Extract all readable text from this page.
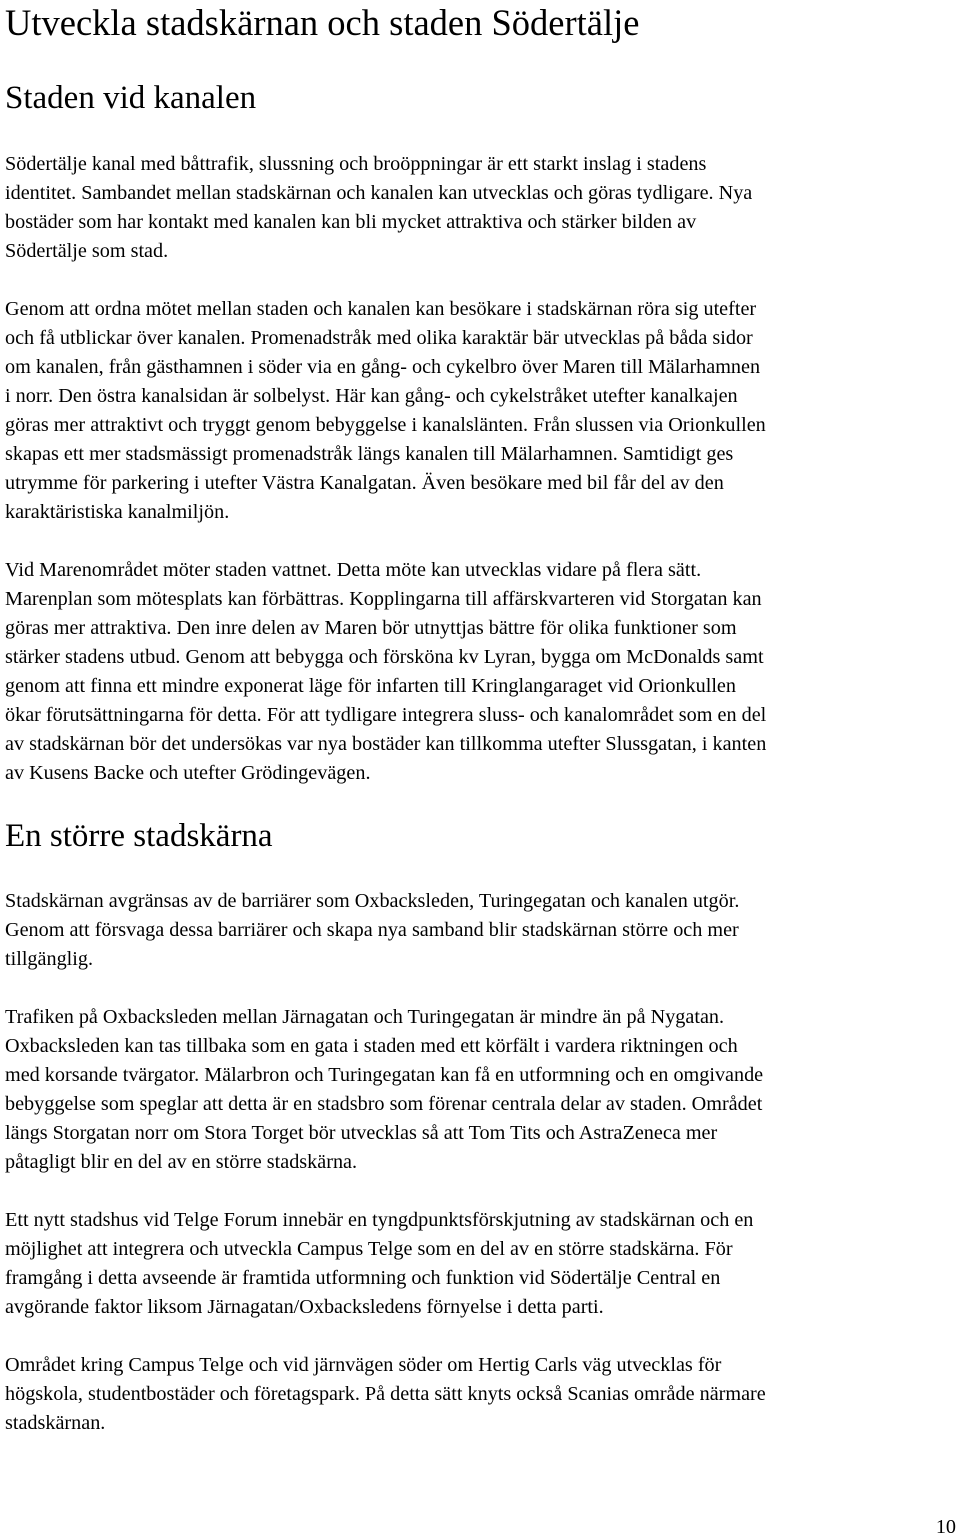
Utveckla stadskärnan och staden Södertälje
Staden vid kanalen

Södertälje kanal med båttrafik, slussning och broöppningar är ett starkt inslag i stadens
identitet. Sambandet mellan stadskärnan och kanalen kan utvecklas och göras tydligare. Nya
bostäder som har kontakt med kanalen kan bli mycket attraktiva och stärker bilden av
Södertälje som stad.

Genom att ordna mötet mellan staden och kanalen kan besökare i stadskärnan röra sig utefter
och få utblickar över kanalen. Promenadstråk med olika karaktär bär utvecklas på båda sidor
om kanalen, från gästhamnen i söder via en gång- och cykelbro över Maren till Mälarhamnen
i norr. Den östra kanalsidan är solbelyst. Här kan gång- och cykelstråket utefter kanalkajen
göras mer attraktivt och tryggt genom bebyggelse i kanalslänten. Från slussen via Orionkullen
skapas ett mer stadsmässigt promenadstråk längs kanalen till Mälarhamnen. Samtidigt ges
utrymme för parkering i utefter Västra Kanalgatan. Även besökare med bil får del av den
karaktäristiska kanalmiljön.

Vid Marenområdet möter staden vattnet. Detta möte kan utvecklas vidare på flera sätt.
Marenplan som mötesplats kan förbättras. Kopplingarna till affärskvarteren vid Storgatan kan
göras mer attraktiva. Den inre delen av Maren bör utnyttjas bättre för olika funktioner som
stärker stadens utbud. Genom att bebygga och försköna kv Lyran, bygga om McDonalds samt
genom att finna ett mindre exponerat läge för infarten till Kringlangaraget vid Orionkullen
ökar förutsättningarna för detta. För att tydligare integrera sluss- och kanalområdet som en del
av stadskärnan bör det undersökas var nya bostäder kan tillkomma utefter Slussgatan, i kanten
av Kusens Backe och utefter Grödingevägen.

En större stadskärna

Stadskärnan avgränsas av de barriärer som Oxbacksleden, Turingegatan och kanalen utgör.
Genom att försvaga dessa barriärer och skapa nya samband blir stadskärnan större och mer
tillgänglig.

Trafiken på Oxbacksleden mellan Järnagatan och Turingegatan är mindre än på Nygatan.
Oxbacksleden kan tas tillbaka som en gata i staden med ett körfält i vardera riktningen och
med korsande tvärgator. Mälarbron och Turingegatan kan få en utformning och en omgivande
bebyggelse som speglar att detta är en stadsbro som förenar centrala delar av staden. Området
längs Storgatan norr om Stora Torget bör utvecklas så att Tom Tits och AstraZeneca mer
påtagligt blir en del av en större stadskärna.

Ett nytt stadshus vid Telge Forum innebär en tyngdpunktsförskjutning av stadskärnan och en
möjlighet att integrera och utveckla Campus Telge som en del av en större stadskärna. För
framgång i detta avseende är framtida utformning och funktion vid Södertälje Central en
avgörande faktor liksom Järnagatan/Oxbacksledens förnyelse i detta parti.

Området kring Campus Telge och vid järnvägen söder om Hertig Carls väg utvecklas för
högskola, studentbostäder och företagspark. På detta sätt knyts också Scanias område närmare
stadskärnan.

10
